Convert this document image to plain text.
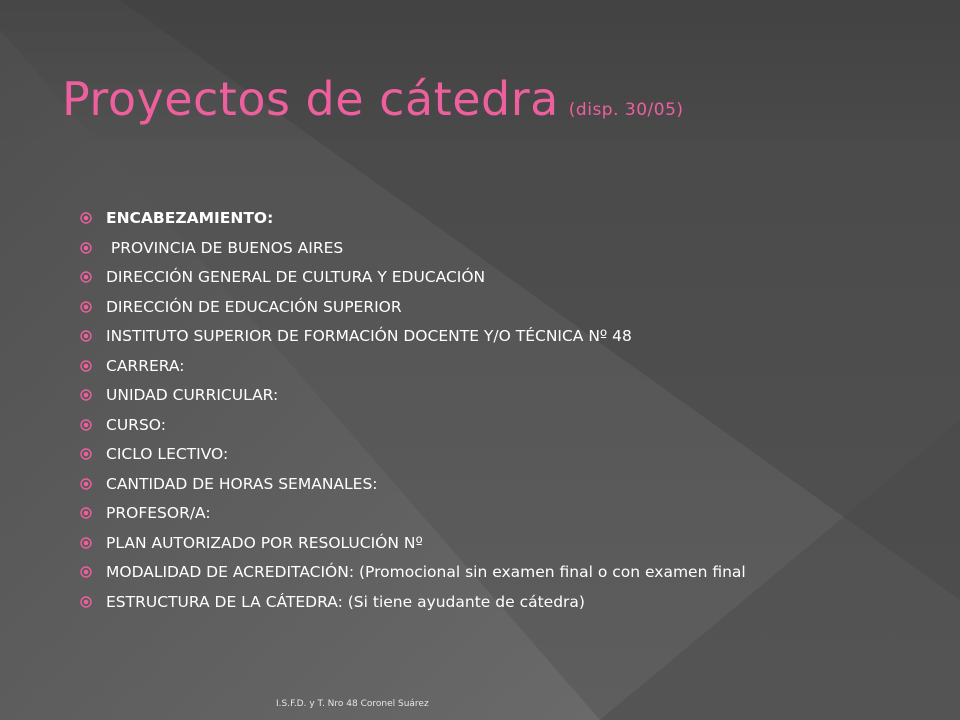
Proyectos de cátedra (disp. 30/05)
ENCABEZAMIENTO:
PROVINCIA DE BUENOS AIRES
DIRECCIÓN GENERAL DE CULTURA Y EDUCACIÓN
DIRECCIÓN DE EDUCACIÓN SUPERIOR
INSTITUTO SUPERIOR DE FORMACIÓN DOCENTE Y/O TÉCNICA Nº 48
CARRERA:
UNIDAD CURRICULAR:
CURSO:
CICLO LECTIVO:
CANTIDAD DE HORAS SEMANALES:
PROFESOR/A:
PLAN AUTORIZADO POR RESOLUCIÓN Nº
MODALIDAD DE ACREDITACIÓN: (Promocional sin examen final o con examen final
ESTRUCTURA DE LA CÁTEDRA: (Si tiene ayudante de cátedra)
I.S.F.D. y T. Nro 48 Coronel Suárez
